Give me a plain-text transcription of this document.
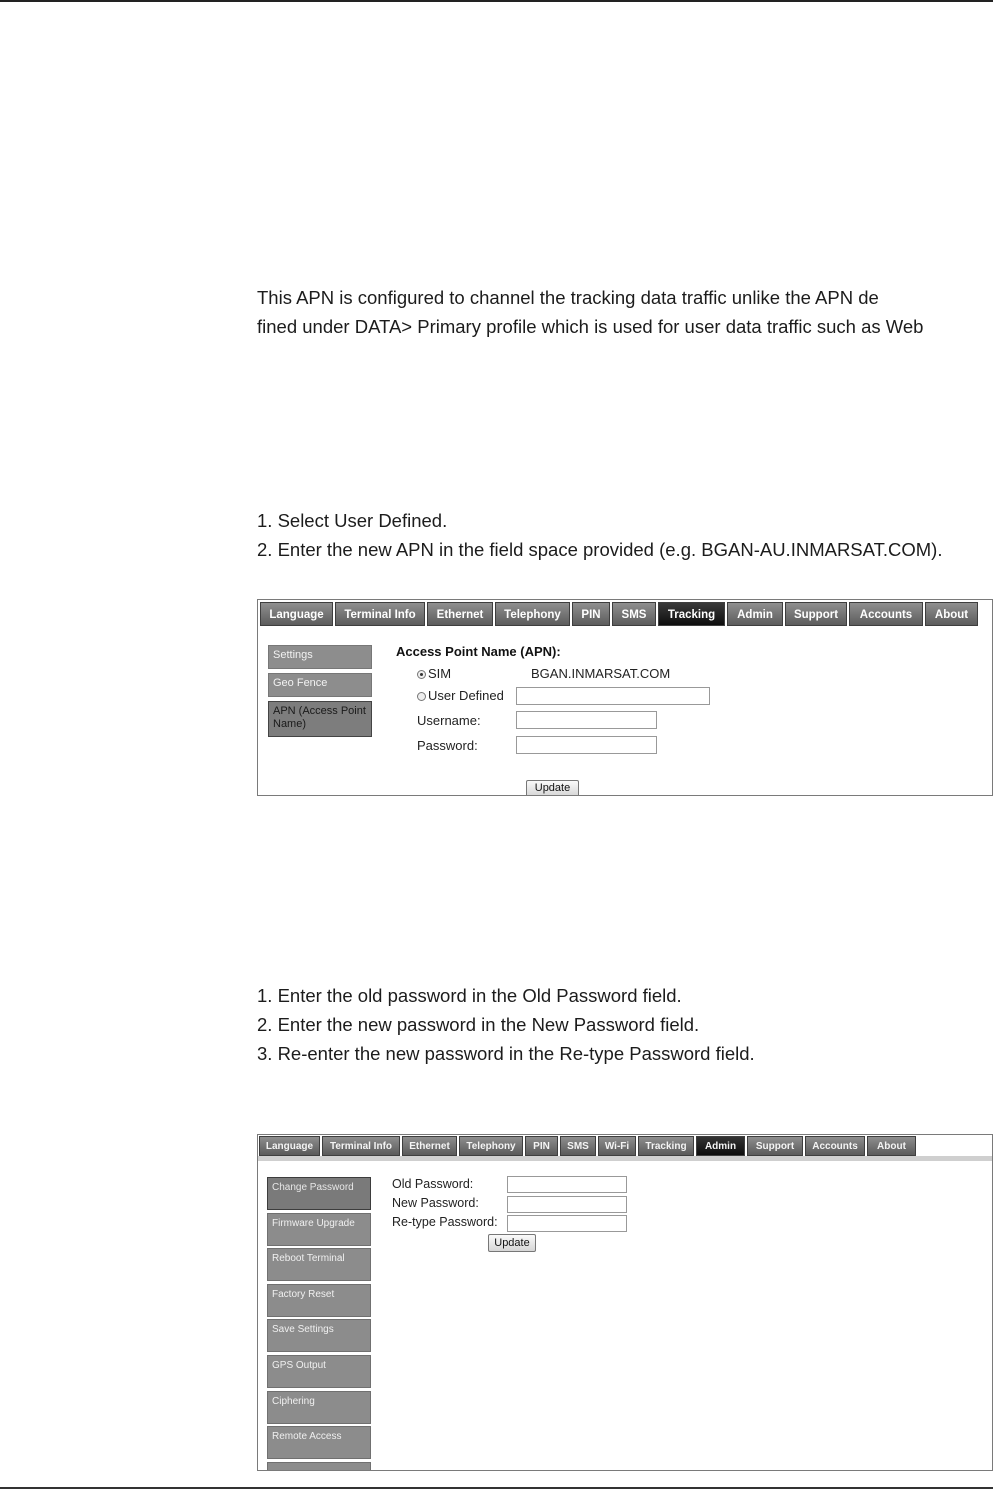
This APN is configured to channel the tracking data traffic unlike the APN de
fined under DATA> Primary profile which is used for user data traffic such as Web
1. Select User Defined.
2. Enter the new APN in the field space provided (e.g. BGAN-AU.INMARSAT.COM).
Language	Terminal Info	Ethernet	Telephony	PIN	SMS	Tracking	Admin	Support	Accounts	About
Settings
Geo Fence
APN (Access Point Name)
Access Point Name (APN):
SIM	BGAN.INMARSAT.COM
User Defined
Username:
Password:
Update
1. Enter the old password in the Old Password field.
2. Enter the new password in the New Password field.
3. Re-enter the new password in the Re-type Password field.
Language	Terminal Info	Ethernet	Telephony	PIN	SMS	Wi-Fi	Tracking	Admin	Support	Accounts	About
Change Password
Firmware Upgrade
Reboot Terminal
Factory Reset
Save Settings
GPS Output
Ciphering
Remote Access
Old Password:
New Password:
Re-type Password:
Update
